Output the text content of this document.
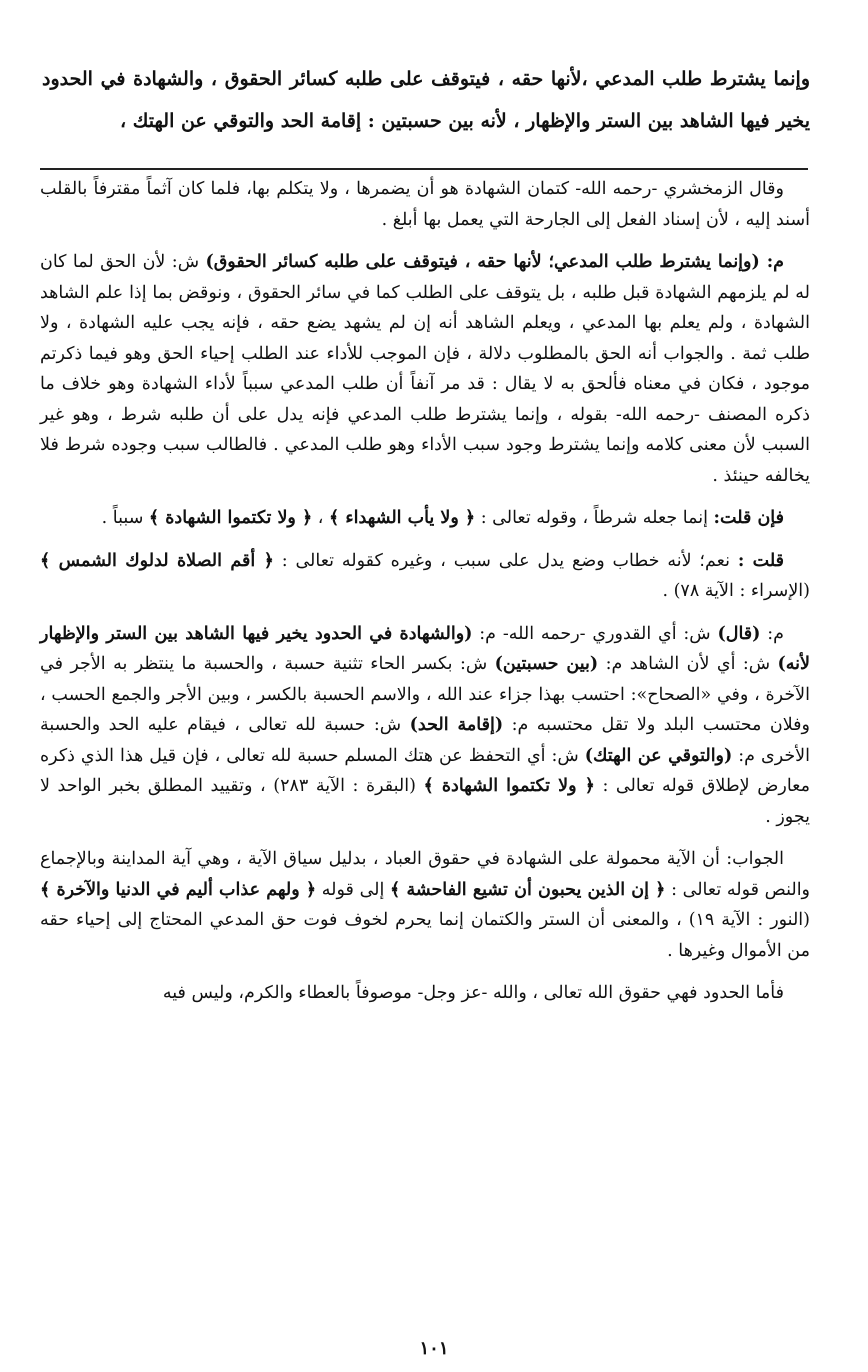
وإنما يشترط طلب المدعي ،لأنها حقه ، فيتوقف على طلبه كسائر الحقوق ، والشهادة في الحدود يخير فيها الشاهد بين الستر والإظهار ، لأنه بين حسبتين : إقامة الحد والتوقي عن الهتك ،

وقال الزمخشري -رحمه الله- كتمان الشهادة هو أن يضمرها ، ولا يتكلم بها، فلما كان آثماً مقترفاً بالقلب أسند إليه ، لأن إسناد الفعل إلى الجارحة التي يعمل بها أبلغ .

م: (وإنما يشترط طلب المدعي؛ لأنها حقه ، فيتوقف على طلبه كسائر الحقوق) ش: لأن الحق لما كان له لم يلزمهم الشهادة قبل طلبه ، بل يتوقف على الطلب كما في سائر الحقوق ، ونوقض بما إذا علم الشاهد الشهادة ، ولم يعلم بها المدعي ، ويعلم الشاهد أنه إن لم يشهد يضع حقه ، فإنه يجب عليه الشهادة ، ولا طلب ثمة . والجواب أنه الحق بالمطلوب دلالة ، فإن الموجب للأداء عند الطلب إحياء الحق وهو فيما ذكرتم موجود ، فكان في معناه فألحق به لا يقال : قد مر آنفاً أن طلب المدعي سبباً لأداء الشهادة وهو خلاف ما ذكره المصنف -رحمه الله- بقوله ، وإنما يشترط طلب المدعي فإنه يدل على أن طلبه شرط ، وهو غير السبب لأن معنى كلامه وإنما يشترط وجود سبب الأداء وهو طلب المدعي . فالطالب سبب وجوده شرط فلا يخالفه حينئذ .

فإن قلت: إنما جعله شرطاً ، وقوله تعالى : ﴿ ولا يأب الشهداء ﴾ ، ﴿ ولا تكتموا الشهادة ﴾ سبباً .

قلت : نعم؛ لأنه خطاب وضع يدل على سبب ، وغيره كقوله تعالى : ﴿ أقم الصلاة لدلوك الشمس ﴾ (الإسراء : الآية ٧٨) .

م: (قال) ش: أي القدوري -رحمه الله- م: (والشهادة في الحدود يخير فيها الشاهد بين الستر والإظهار لأنه) ش: أي لأن الشاهد م: (بين حسبتين) ش: بكسر الحاء تثنية حسبة ، والحسبة ما ينتظر به الأجر في الآخرة ، وفي «الصحاح»: احتسب بهذا جزاء عند الله ، والاسم الحسبة بالكسر ، وبين الأجر والجمع الحسب ، وفلان محتسب البلد ولا تقل محتسبه م: (إقامة الحد) ش: حسبة لله تعالى ، فيقام عليه الحد والحسبة الأخرى م: (والتوقي عن الهتك) ش: أي التحفظ عن هتك المسلم حسبة لله تعالى ، فإن قيل هذا الذي ذكره معارض لإطلاق قوله تعالى : ﴿ ولا تكتموا الشهادة ﴾ (البقرة : الآية ٢٨٣) ، وتقييد المطلق بخبر الواحد لا يجوز .

الجواب: أن الآية محمولة على الشهادة في حقوق العباد ، بدليل سياق الآية ، وهي آية المداينة وبالإجماع والنص قوله تعالى : ﴿ إن الذين يحبون أن تشيع الفاحشة ﴾ إلى قوله ﴿ ولهم عذاب أليم في الدنيا والآخرة ﴾ (النور : الآية ١٩) ، والمعنى أن الستر والكتمان إنما يحرم لخوف فوت حق المدعي المحتاج إلى إحياء حقه من الأموال وغيرها .

فأما الحدود فهي حقوق الله تعالى ، والله -عز وجل- موصوفاً بالعطاء والكرم، وليس فيه

١٠١
